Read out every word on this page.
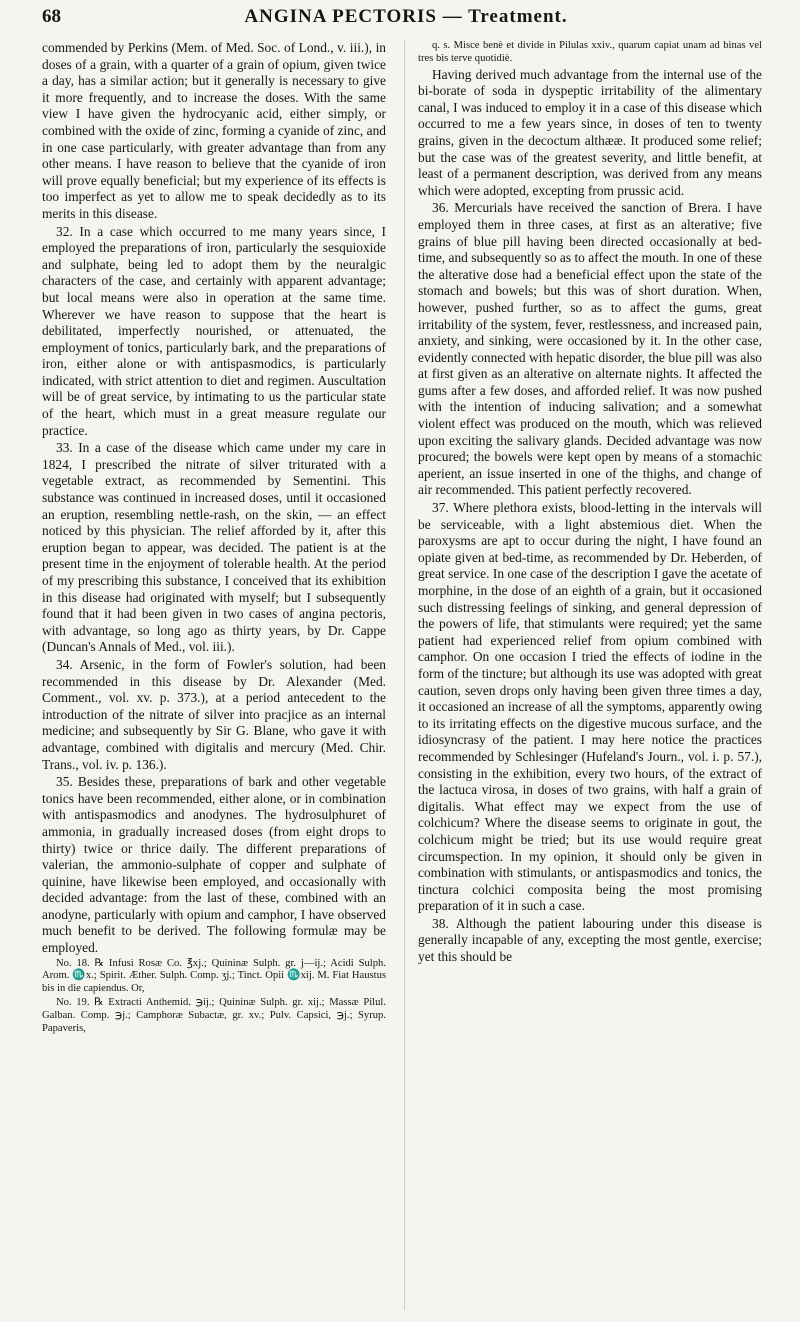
68	ANGINA PECTORIS — Treatment.

commended by Perkins (Mem. of Med. Soc. of Lond., v. iii.), in doses of a grain, with a quarter of a grain of opium, given twice a day, has a similar action; but it generally is necessary to give it more frequently, and to increase the doses. With the same view I have given the hydrocyanic acid, either simply, or combined with the oxide of zinc, forming a cyanide of zinc, and in one case particularly, with greater advantage than from any other means. I have reason to believe that the cyanide of iron will prove equally beneficial; but my experience of its effects is too imperfect as yet to allow me to speak decidedly as to its merits in this disease.

32. In a case which occurred to me many years since, I employed the preparations of iron, particularly the sesquioxide and sulphate, being led to adopt them by the neuralgic characters of the case, and certainly with apparent advantage; but local means were also in operation at the same time. Wherever we have reason to suppose that the heart is debilitated, imperfectly nourished, or attenuated, the employment of tonics, particularly bark, and the preparations of iron, either alone or with antispasmodics, is particularly indicated, with strict attention to diet and regimen. Auscultation will be of great service, by intimating to us the particular state of the heart, which must in a great measure regulate our practice.

33. In a case of the disease which came under my care in 1824, I prescribed the nitrate of silver triturated with a vegetable extract, as recommended by Sementini. This substance was continued in increased doses, until it occasioned an eruption, resembling nettle-rash, on the skin, — an effect noticed by this physician. The relief afforded by it, after this eruption began to appear, was decided. The patient is at the present time in the enjoyment of tolerable health. At the period of my prescribing this substance, I conceived that its exhibition in this disease had originated with myself; but I subsequently found that it had been given in two cases of angina pectoris, with advantage, so long ago as thirty years, by Dr. Cappe (Duncan's Annals of Med., vol. iii.).

34. Arsenic, in the form of Fowler's solution, had been recommended in this disease by Dr. Alexander (Med. Comment., vol. xv. p. 373.), at a period antecedent to the introduction of the nitrate of silver into pracjice as an internal medicine; and subsequently by Sir G. Blane, who gave it with advantage, combined with digitalis and mercury (Med. Chir. Trans., vol. iv. p. 136.).

35. Besides these, preparations of bark and other vegetable tonics have been recommended, either alone, or in combination with antispasmodics and anodynes. The hydrosulphuret of ammonia, in gradually increased doses (from eight drops to thirty) twice or thrice daily. The different preparations of valerian, the ammonio-sulphate of copper and sulphate of quinine, have likewise been employed, and occasionally with decided advantage: from the last of these, combined with an anodyne, particularly with opium and camphor, I have observed much benefit to be derived. The following formulæ may be employed.

No. 18. ℞ Infusi Rosæ Co. ℥xj.; Quininæ Sulph. gr. j—ij.; Acidi Sulph. Arom. ♏x.; Spirit. Æther. Sulph. Comp. ʒj.; Tinct. Opii ♏xij. M. Fiat Haustus bis in die capiendus. Or,

No. 19. ℞ Extracti Anthemid. ℈ij.; Quininæ Sulph. gr. xij.; Massæ Pilul. Galban. Comp. ℈j.; Camphoræ Subactæ, gr. xv.; Pulv. Capsici, ℈j.; Syrup. Papaveris,

q. s. Misce benè et divide in Pilulas xxiv., quarum capiat unam ad binas vel tres bis terve quotidiè.

Having derived much advantage from the internal use of the bi-borate of soda in dyspeptic irritability of the alimentary canal, I was induced to employ it in a case of this disease which occurred to me a few years since, in doses of ten to twenty grains, given in the decoctum althææ. It produced some relief; but the case was of the greatest severity, and little benefit, at least of a permanent description, was derived from any means which were adopted, excepting from prussic acid.

36. Mercurials have received the sanction of Brera. I have employed them in three cases, at first as an alterative; five grains of blue pill having been directed occasionally at bed-time, and subsequently so as to affect the mouth. In one of these the alterative dose had a beneficial effect upon the state of the stomach and bowels; but this was of short duration. When, however, pushed further, so as to affect the gums, great irritability of the system, fever, restlessness, and increased pain, anxiety, and sinking, were occasioned by it. In the other case, evidently connected with hepatic disorder, the blue pill was also at first given as an alterative on alternate nights. It affected the gums after a few doses, and afforded relief. It was now pushed with the intention of inducing salivation; and a somewhat violent effect was produced on the mouth, which was relieved upon exciting the salivary glands. Decided advantage was now procured; the bowels were kept open by means of a stomachic aperient, an issue inserted in one of the thighs, and change of air recommended. This patient perfectly recovered.

37. Where plethora exists, blood-letting in the intervals will be serviceable, with a light abstemious diet. When the paroxysms are apt to occur during the night, I have found an opiate given at bed-time, as recommended by Dr. Heberden, of great service. In one case of the description I gave the acetate of morphine, in the dose of an eighth of a grain, but it occasioned such distressing feelings of sinking, and general depression of the powers of life, that stimulants were required; yet the same patient had experienced relief from opium combined with camphor. On one occasion I tried the effects of iodine in the form of the tincture; but although its use was adopted with great caution, seven drops only having been given three times a day, it occasioned an increase of all the symptoms, apparently owing to its irritating effects on the digestive mucous surface, and the idiosyncrasy of the patient. I may here notice the practices recommended by Schlesinger (Hufeland's Journ., vol. i. p. 57.), consisting in the exhibition, every two hours, of the extract of the lactuca virosa, in doses of two grains, with half a grain of digitalis. What effect may we expect from the use of colchicum? Where the disease seems to originate in gout, the colchicum might be tried; but its use would require great circumspection. In my opinion, it should only be given in combination with stimulants, or antispasmodics and tonics, the tinctura colchici composita being the most promising preparation of it in such a case.

38. Although the patient labouring under this disease is generally incapable of any, excepting the most gentle, exercise; yet this should be
